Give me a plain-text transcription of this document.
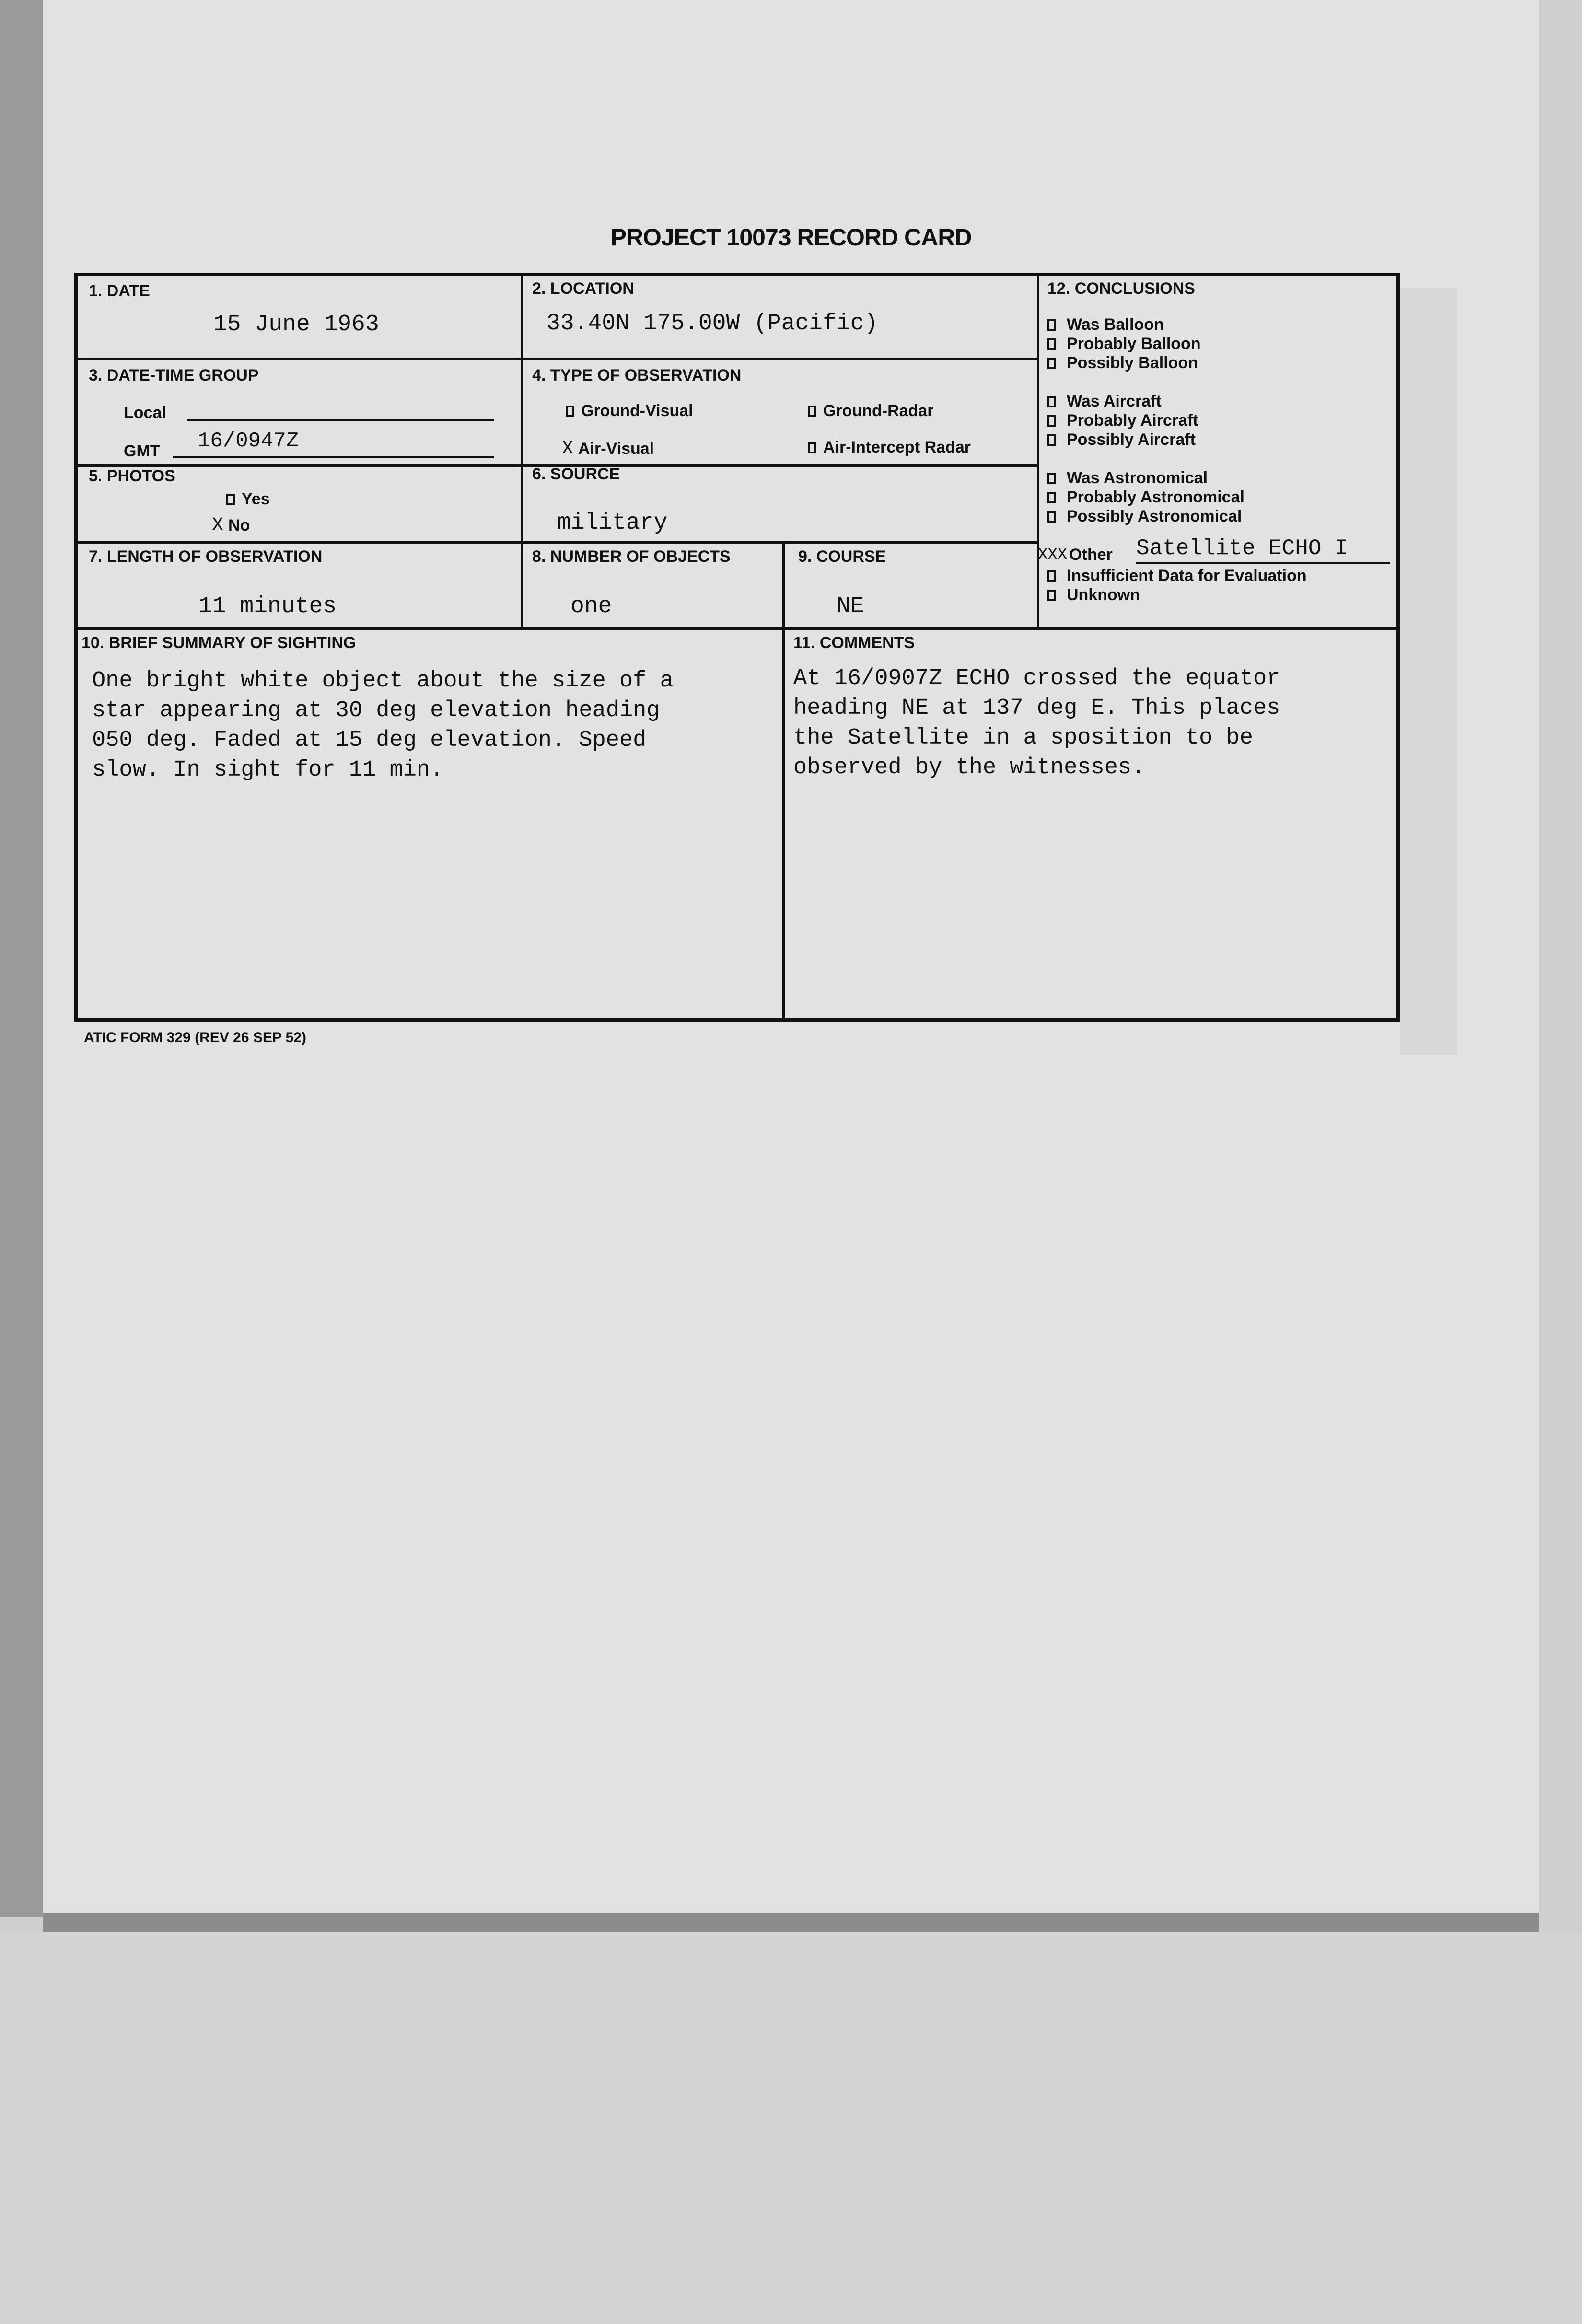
PROJECT 10073 RECORD CARD
1. DATE
15 June 1963
2. LOCATION
33.40N 175.00W (Pacific)
3. DATE-TIME GROUP
Local
GMT 16/0947Z
4. TYPE OF OBSERVATION
Ground-Visual	Ground-Radar
X Air-Visual	Air-Intercept Radar
5. PHOTOS
Yes
X No
6. SOURCE
military
7. LENGTH OF OBSERVATION
11 minutes
8. NUMBER OF OBJECTS
one
9. COURSE
NE
12. CONCLUSIONS
Was Balloon
Probably Balloon
Possibly Balloon
Was Aircraft
Probably Aircraft
Possibly Aircraft
Was Astronomical
Probably Astronomical
Possibly Astronomical
XXX Other Satellite ECHO I
Insufficient Data for Evaluation
Unknown
10. BRIEF SUMMARY OF SIGHTING
One bright white object about the size of a
star appearing at 30 deg elevation heading
050 deg. Faded at 15 deg elevation. Speed
slow. In sight for 11 min.
11. COMMENTS
At 16/0907Z ECHO crossed the equator
heading NE at 137 deg E. This places
the Satellite in a sposition to be
observed by the witnesses.
ATIC FORM 329 (REV 26 SEP 52)
